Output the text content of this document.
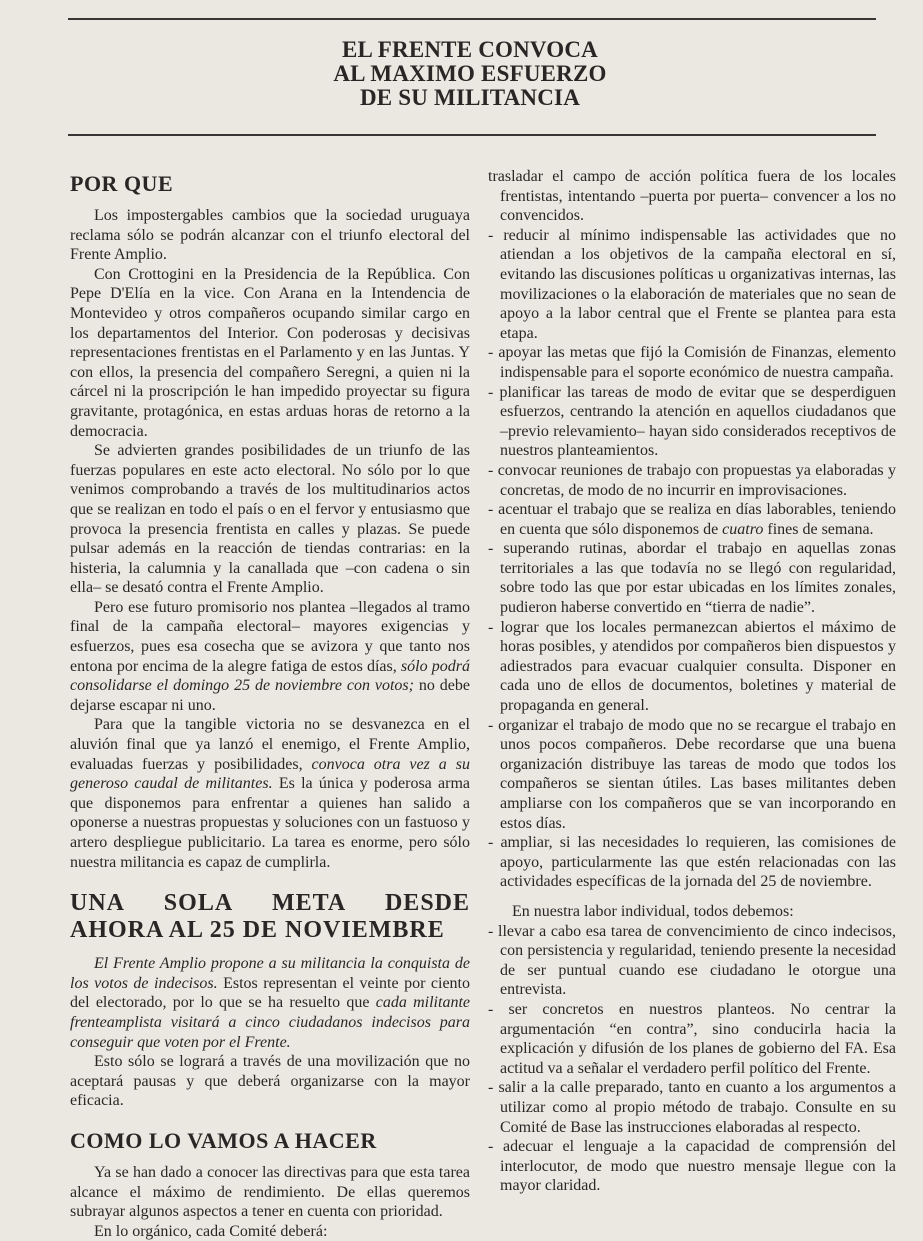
EL FRENTE CONVOCA
AL MAXIMO ESFUERZO
DE SU MILITANCIA
POR QUE

Los impostergables cambios que la sociedad uruguaya reclama sólo se podrán alcanzar con el triunfo electoral del Frente Amplio.

Con Crottogini en la Presidencia de la República. Con Pepe D'Elía en la vice. Con Arana en la Intendencia de Montevideo y otros compañeros ocupando similar cargo en los departamentos del Interior. Con poderosas y decisivas representaciones frentistas en el Parlamento y en las Juntas. Y con ellos, la presencia del compañero Seregni, a quien ni la cárcel ni la proscripción le han impedido proyectar su figura gravitante, protagónica, en estas arduas horas de retorno a la democracia.

Se advierten grandes posibilidades de un triunfo de las fuerzas populares en este acto electoral. No sólo por lo que venimos comprobando a través de los multitudinarios actos que se realizan en todo el país o en el fervor y entusiasmo que provoca la presencia frentista en calles y plazas. Se puede pulsar además en la reacción de tiendas contrarias: en la histeria, la calumnia y la canallada que –con cadena o sin ella– se desató contra el Frente Amplio.

Pero ese futuro promisorio nos plantea –llegados al tramo final de la campaña electoral– mayores exigencias y esfuerzos, pues esa cosecha que se avizora y que tanto nos entona por encima de la alegre fatiga de estos días, sólo podrá consolidarse el domingo 25 de noviembre con votos; no debe dejarse escapar ni uno.

Para que la tangible victoria no se desvanezca en el aluvión final que ya lanzó el enemigo, el Frente Amplio, evaluadas fuerzas y posibilidades, convoca otra vez a su generoso caudal de militantes. Es la única y poderosa arma que disponemos para enfrentar a quienes han salido a oponerse a nuestras propuestas y soluciones con un fastuoso y artero despliegue publicitario. La tarea es enorme, pero sólo nuestra militancia es capaz de cumplirla.

UNA SOLA META DESDE AHORA AL 25 DE NOVIEMBRE

El Frente Amplio propone a su militancia la conquista de los votos de indecisos. Estos representan el veinte por ciento del electorado, por lo que se ha resuelto que cada militante frenteamplista visitará a cinco ciudadanos indecisos para conseguir que voten por el Frente.

Esto sólo se logrará a través de una movilización que no aceptará pausas y que deberá organizarse con la mayor eficacia.

COMO LO VAMOS A HACER

Ya se han dado a conocer las directivas para que esta tarea alcance el máximo de rendimiento. De ellas queremos subrayar algunos aspectos a tener en cuenta con prioridad.

En lo orgánico, cada Comité deberá:

trasladar el campo de acción política fuera de los locales frentistas, intentando –puerta por puerta– convencer a los no convencidos.

- reducir al mínimo indispensable las actividades que no atiendan a los objetivos de la campaña electoral en sí, evitando las discusiones políticas u organizativas internas, las movilizaciones o la elaboración de materiales que no sean de apoyo a la labor central que el Frente se plantea para esta etapa.

- apoyar las metas que fijó la Comisión de Finanzas, elemento indispensable para el soporte económico de nuestra campaña.

- planificar las tareas de modo de evitar que se desperdiguen esfuerzos, centrando la atención en aquellos ciudadanos que –previo relevamiento– hayan sido considerados receptivos de nuestros planteamientos.

- convocar reuniones de trabajo con propuestas ya elaboradas y concretas, de modo de no incurrir en improvisaciones.

- acentuar el trabajo que se realiza en días laborables, teniendo en cuenta que sólo disponemos de cuatro fines de semana.

- superando rutinas, abordar el trabajo en aquellas zonas territoriales a las que todavía no se llegó con regularidad, sobre todo las que por estar ubicadas en los límites zonales, pudieron haberse convertido en “tierra de nadie”.

- lograr que los locales permanezcan abiertos el máximo de horas posibles, y atendidos por compañeros bien dispuestos y adiestrados para evacuar cualquier consulta. Disponer en cada uno de ellos de documentos, boletines y material de propaganda en general.

- organizar el trabajo de modo que no se recargue el trabajo en unos pocos compañeros. Debe recordarse que una buena organización distribuye las tareas de modo que todos los compañeros se sientan útiles. Las bases militantes deben ampliarse con los compañeros que se van incorporando en estos días.

- ampliar, si las necesidades lo requieren, las comisiones de apoyo, particularmente las que estén relacionadas con las actividades específicas de la jornada del 25 de noviembre.

En nuestra labor individual, todos debemos:

- llevar a cabo esa tarea de convencimiento de cinco indecisos, con persistencia y regularidad, teniendo presente la necesidad de ser puntual cuando ese ciudadano le otorgue una entrevista.

- ser concretos en nuestros planteos. No centrar la argumentación “en contra”, sino conducirla hacia la explicación y difusión de los planes de gobierno del FA. Esa actitud va a señalar el verdadero perfil político del Frente.

- salir a la calle preparado, tanto en cuanto a los argumentos a utilizar como al propio método de trabajo. Consulte en su Comité de Base las instrucciones elaboradas al respecto.

- adecuar el lenguaje a la capacidad de comprensión del interlocutor, de modo que nuestro mensaje llegue con la mayor claridad.
